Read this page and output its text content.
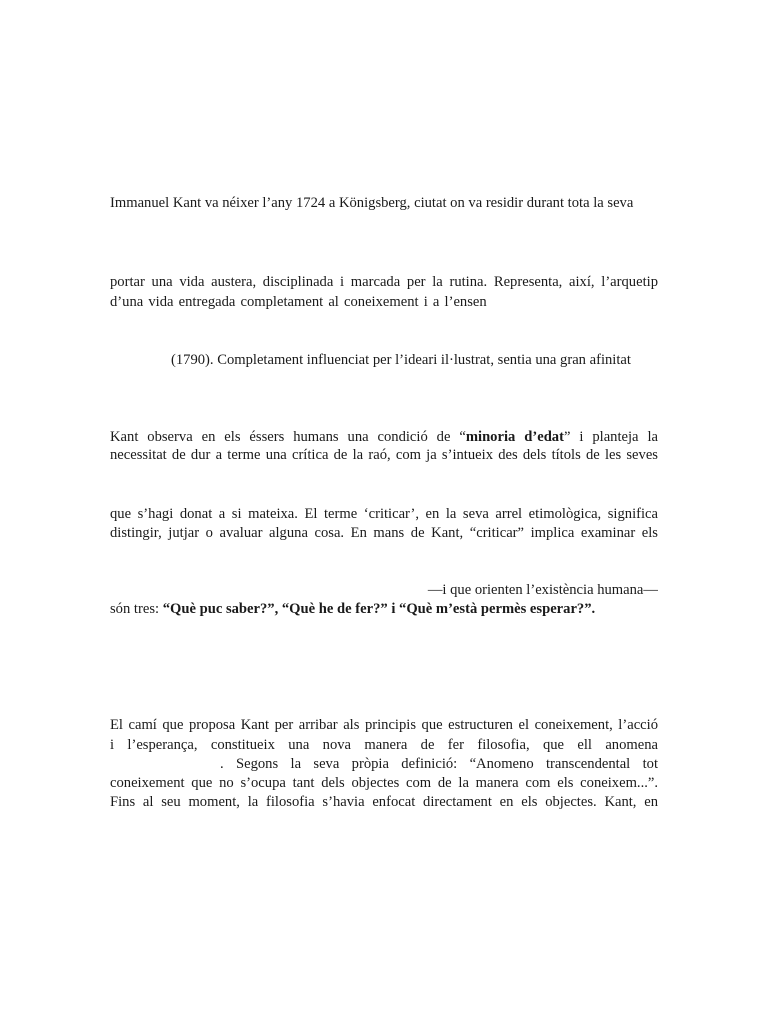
Immanuel Kant va néixer l’any 1724 a Königsberg, ciutat on va residir durant tota la seva
portar una vida austera, disciplinada i marcada per la rutina. Representa, així, l’arquetip
d’una vida entregada completament al coneixement i a l’ensen
(1790). Completament influenciat per l’ideari il·lustrat, sentia una gran afinitat
Kant observa en els éssers humans una condició de “minoria d’edat” i planteja la
necessitat de dur a terme una crítica de la raó, com ja s’intueix des dels títols de les seves
que s’hagi donat a si mateixa. El terme ‘criticar’, en la seva arrel etimològica, significa
distingir, jutjar o avaluar alguna cosa. En mans de Kant, “criticar” implica examinar els
—i que orienten l’existència humana—
són tres: “Què puc saber?”, “Què he de fer?” i “Què m’està permès esperar?”.
El camí que proposa Kant per arribar als principis que estructuren el coneixement, l’acció
i l’esperança, constitueix una nova manera de fer filosofia, que ell anomena
. Segons la seva pròpia definició: “Anomeno transcendental tot
coneixement que no s’ocupa tant dels objectes com de la manera com els coneixem...”.
Fins al seu moment, la filosofia s’havia enfocat directament en els objectes. Kant, en
